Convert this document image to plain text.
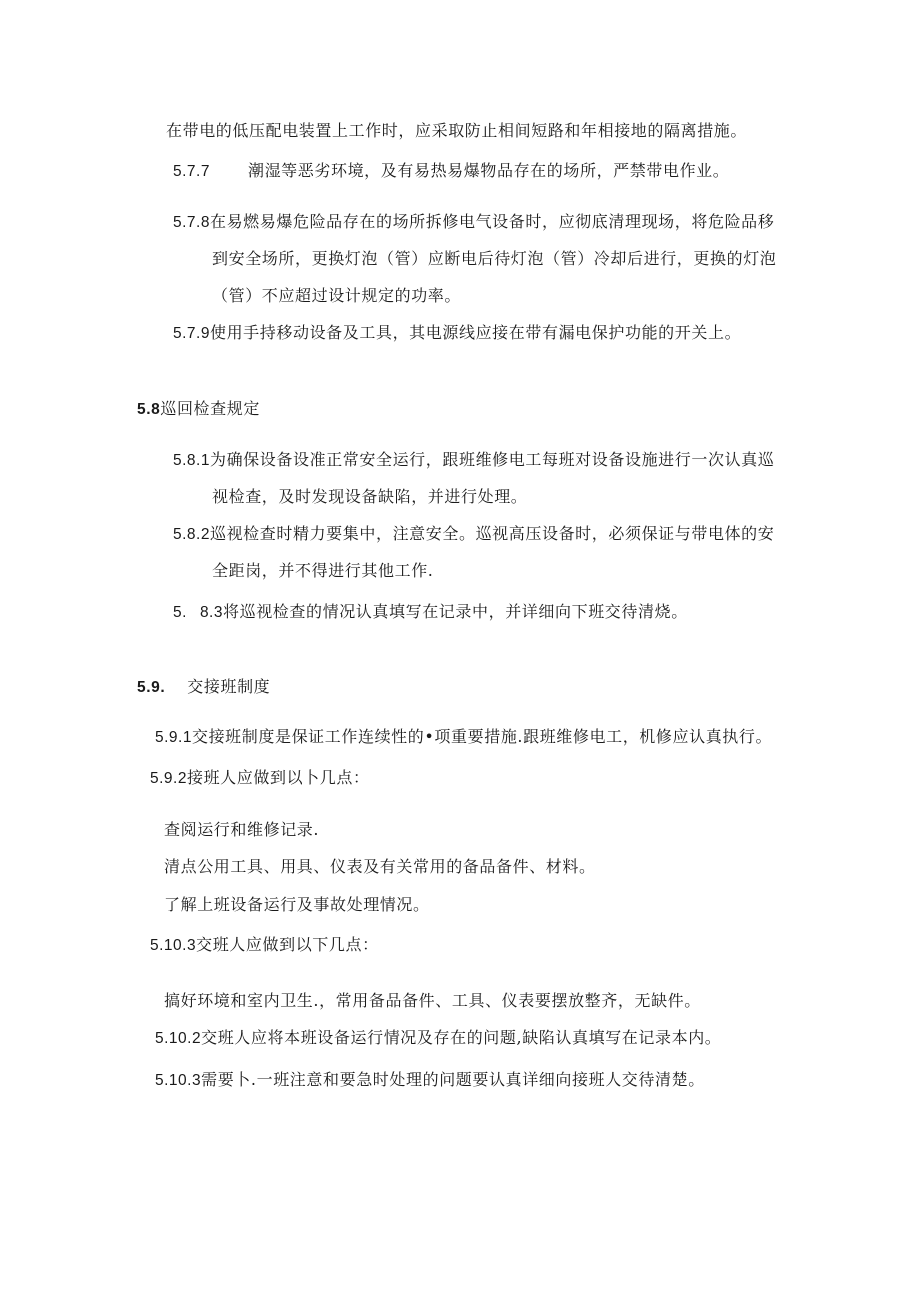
在带电的低压配电装置上工作时，应采取防止相间短路和年相接地的隔离措施。
5.7.7 潮湿等恶劣环境，及有易热易爆物品存在的场所，严禁带电作业。
5.7.8在易燃易爆危险品存在的场所拆修电气设备时，应彻底清理现场，将危险品移
到安全场所，更换灯泡（管）应断电后待灯泡（管）冷却后进行，更换的灯泡
（管）不应超过设计规定的功率。
5.7.9使用手持移动设备及工具，其电源线应接在带有漏电保护功能的开关上。
5.8巡回检查规定
5.8.1为确保设备设准正常安全运行，跟班维修电工每班对设备设施进行一次认真巡
视检查，及时发现设备缺陷，并进行处理。
5.8.2巡视检查时精力要集中，注意安全。巡视高压设备时，必须保证与带电体的安
全距岗，并不得进行其他工作.
5. 8.3将巡视检查的情况认真填写在记录中，并详细向下班交待清烧。
5.9. 交接班制度
5.9.1交接班制度是保证工作连续性的•项重要措施.跟班维修电工，机修应认真执行。
5.9.2接班人应做到以卜几点：
查阅运行和维修记录.
清点公用工具、用具、仪表及有关常用的备品备件、材料。
了解上班设备运行及事故处理情况。
5.10.3交班人应做到以下几点：
搞好环境和室内卫生.，常用备品备件、工具、仪表要摆放整齐，无缺件。
5.10.2交班人应将本班设备运行情况及存在的问题,缺陷认真填写在记录本内。
5.10.3需要卜.一班注意和要急时处理的问题要认真详细向接班人交待清楚。
